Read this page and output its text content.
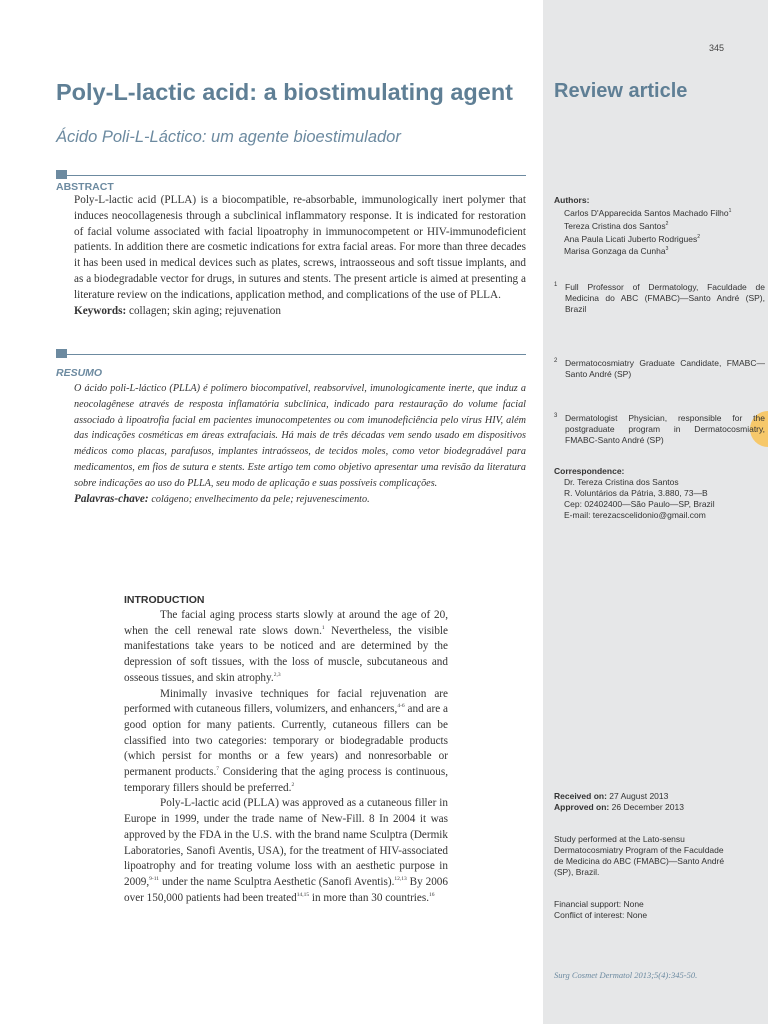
345
Review article
Poly-L-lactic acid: a biostimulating agent
Ácido Poli-L-Láctico: um agente bioestimulador
ABSTRACT
Poly-L-lactic acid (PLLA) is a biocompatible, re-absorbable, immunologically inert polymer that induces neocollagenesis through a subclinical inflammatory response. It is indicated for restoration of facial volume associated with facial lipoatrophy in immunocompetent or HIV-immunodeficient patients. In addition there are cosmetic indications for extra facial areas. For more than three decades it has been used in medical devices such as plates, screws, intraosseous and soft tissue implants, and as a biodegradable vector for drugs, in sutures and stents. The present article is aimed at presenting a literature review on the indications, application method, and complications of the use of PLLA.
Keywords: collagen; skin aging; rejuvenation
RESUMO
O ácido poli-L-láctico (PLLA) é polímero biocompatível, reabsorvível, imunologicamente inerte, que induz a neocolagênese através de resposta inflamatória subclínica, indicado para restauração do volume facial associado à lipoatrofia facial em pacientes imunocompetentes ou com imunodeficiência pelo vírus HIV, além das indicações cosméticas em áreas extrafaciais. Há mais de três décadas vem sendo usado em dispositivos médicos como placas, parafusos, implantes intraósseos, de tecidos moles, como vetor biodegradável para medicamentos, em fios de sutura e stents. Este artigo tem como objetivo apresentar uma revisão da literatura sobre indicações ao uso do PLLA, seu modo de aplicação e suas possíveis complicações.
Palavras-chave: colágeno; envelhecimento da pele; rejuvenescimento.
INTRODUCTION

The facial aging process starts slowly at around the age of 20, when the cell renewal rate slows down.$^1$ Nevertheless, the visible manifestations take years to be noticed and are determined by the depression of soft tissues, with the loss of muscle, subcutaneous and osseous tissues, and skin atrophy.$^{2,3}$

Minimally invasive techniques for facial rejuvenation are performed with cutaneous fillers, volumizers, and enhancers,$^{4-6}$ and are a good option for many patients. Currently, cutaneous fillers can be classified into two categories: temporary or biodegradable products (which persist for months or a few years) and nonresorbable or permanent products.$^7$ Considering that the aging process is continuous, temporary fillers should be preferred.$^2$

Poly-L-lactic acid (PLLA) was approved as a cutaneous filler in Europe in 1999, under the trade name of New-Fill. 8 In 2004 it was approved by the FDA in the U.S. with the brand name Sculptra (Dermik Laboratories, Sanofi Aventis, USA), for the treatment of HIV-associated lipoatrophy and for treating volume loss with an aesthetic purpose in 2009,$^{9-11}$ under the name Sculptra Aesthetic (Sanofi Aventis).$^{12,13}$ By 2006 over 150,000 patients had been treated$^{14,15}$ in more than 30 countries.$^{16}$

Authors:
Carlos D'Apparecida Santos Machado Filho$^1$
Tereza Cristina dos Santos$^2$
Ana Paula Licati Juberto Rodrigues$^2$
Marisa Gonzaga da Cunha$^3$
1 Full Professor of Dermatology, Faculdade de Medicina do ABC (FMABC)—Santo André (SP), Brazil
2 Dermatocosmiatry Graduate Candidate, FMABC—Santo André (SP)
3 Dermatologist Physician, responsible for the postgraduate program in Dermatocosmiatry, FMABC-Santo André (SP)
Correspondence:
Dr. Tereza Cristina dos Santos
R. Voluntários da Pátria, 3.880, 73—B
Cep: 02402400—São Paulo—SP, Brazil
E-mail: terezacscelidonio@gmail.com
Received on: 27 August 2013
Approved on: 26 December 2013
Study performed at the Lato-sensu Dermatocosmiatry Program of the Faculdade de Medicina do ABC (FMABC)—Santo André (SP), Brazil.
Financial support: None
Conflict of interest: None
Surg Cosmet Dermatol 2013;5(4):345-50.
